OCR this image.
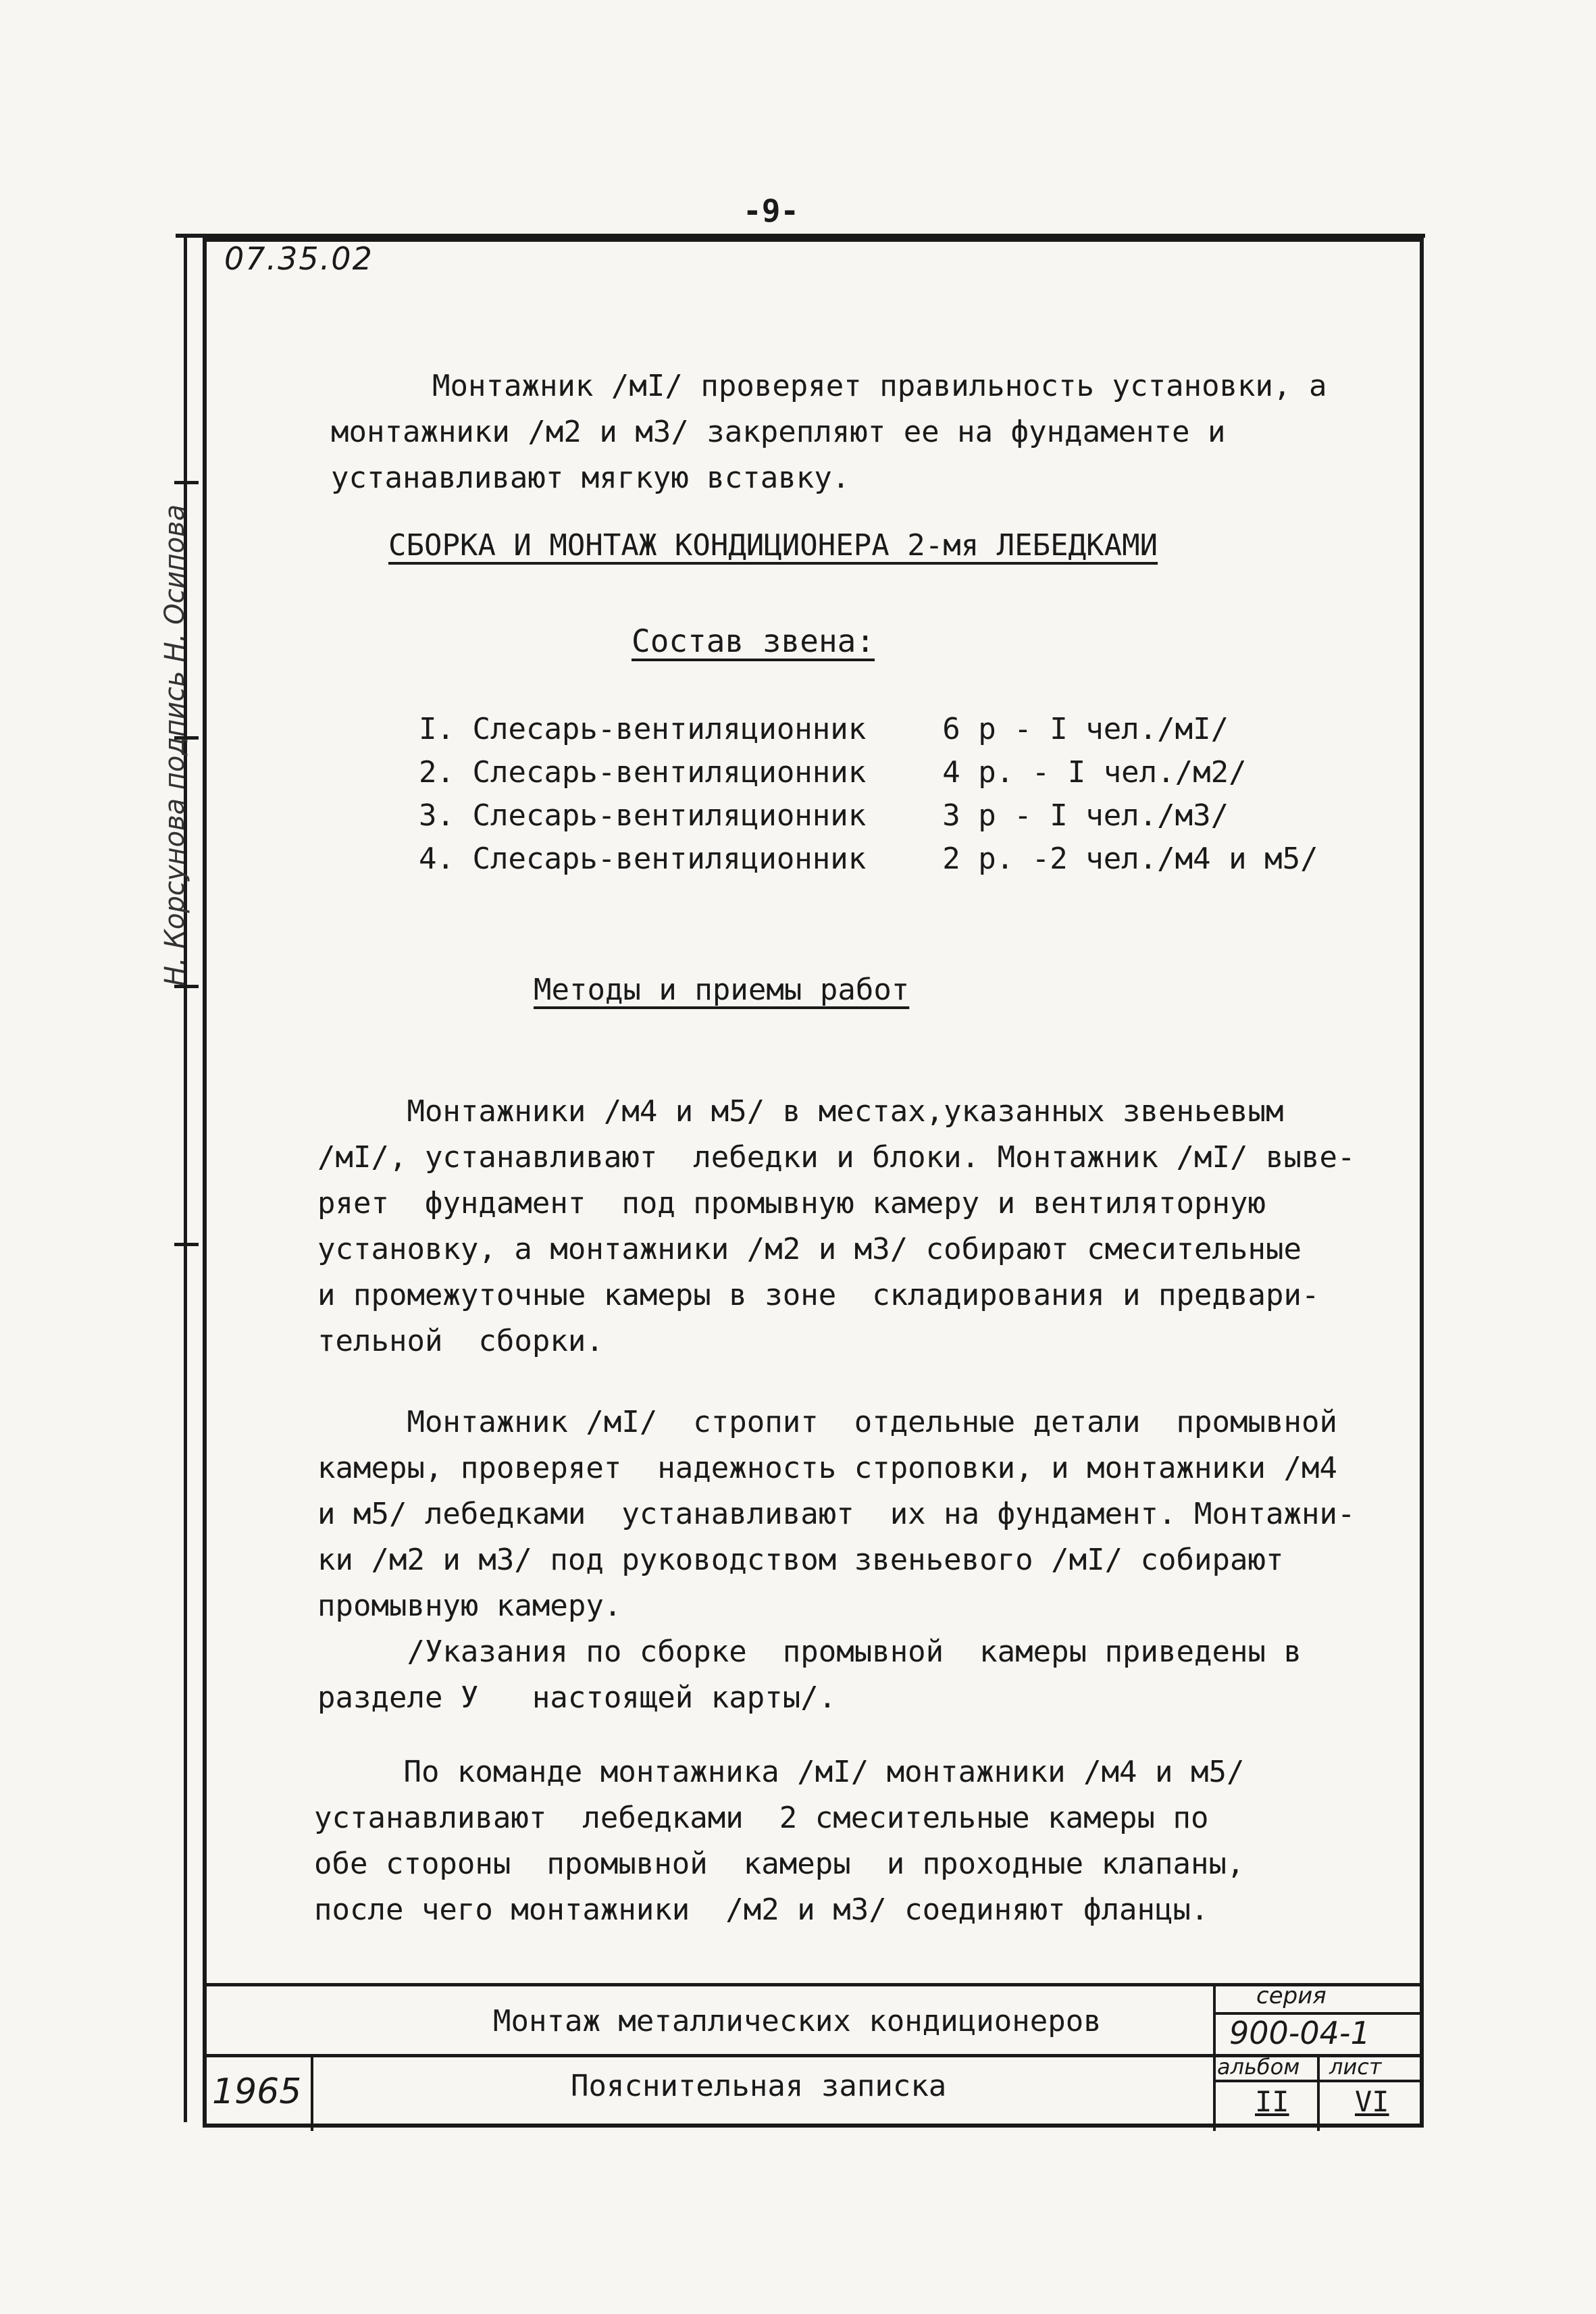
-9-
Н. Корсунова подпись Н. Осипова
07.35.02
Монтажник /мI/ проверяет правильность установки, а
монтажники /м2 и м3/ закрепляют ее на фундаменте и
устанавливают мягкую вставку.
СБОРКА И МОНТАЖ КОНДИЦИОНЕРА 2-мя ЛЕБЕДКАМИ
Состав звена:
I. Слесарь-вентиляционник	6 р - I чел./мI/
2. Слесарь-вентиляционник	4 р. - I чел./м2/
3. Слесарь-вентиляционник	3 р - I чел./м3/
4. Слесарь-вентиляционник	2 р. -2 чел./м4 и м5/
Методы и приемы работ
Монтажники /м4 и м5/ в местах,указанных звеньевым
/мI/, устанавливают  лебедки и блоки. Монтажник /мI/ выве-
ряет  фундамент  под промывную камеру и вентиляторную
установку, а монтажники /м2 и м3/ собирают смесительные
и промежуточные камеры в зоне  складирования и предвари-
тельной  сборки.
Монтажник /мI/  стропит  отдельные детали  промывной
камеры, проверяет  надежность строповки, и монтажники /м4
и м5/ лебедками  устанавливают  их на фундамент. Монтажни-
ки /м2 и м3/ под руководством звеньевого /мI/ собирают
промывную камеру.
/Указания по сборке  промывной  камеры приведены в
разделе У   настоящей карты/.
По команде монтажника /мI/ монтажники /м4 и м5/
устанавливают  лебедками  2 смесительные камеры по
обе стороны  промывной  камеры  и проходные клапаны,
после чего монтажники  /м2 и м3/ соединяют фланцы.
Монтаж металлических кондиционеров
Пояснительная записка
1965
серия
900-04-1
альбом
II
лист
VI
